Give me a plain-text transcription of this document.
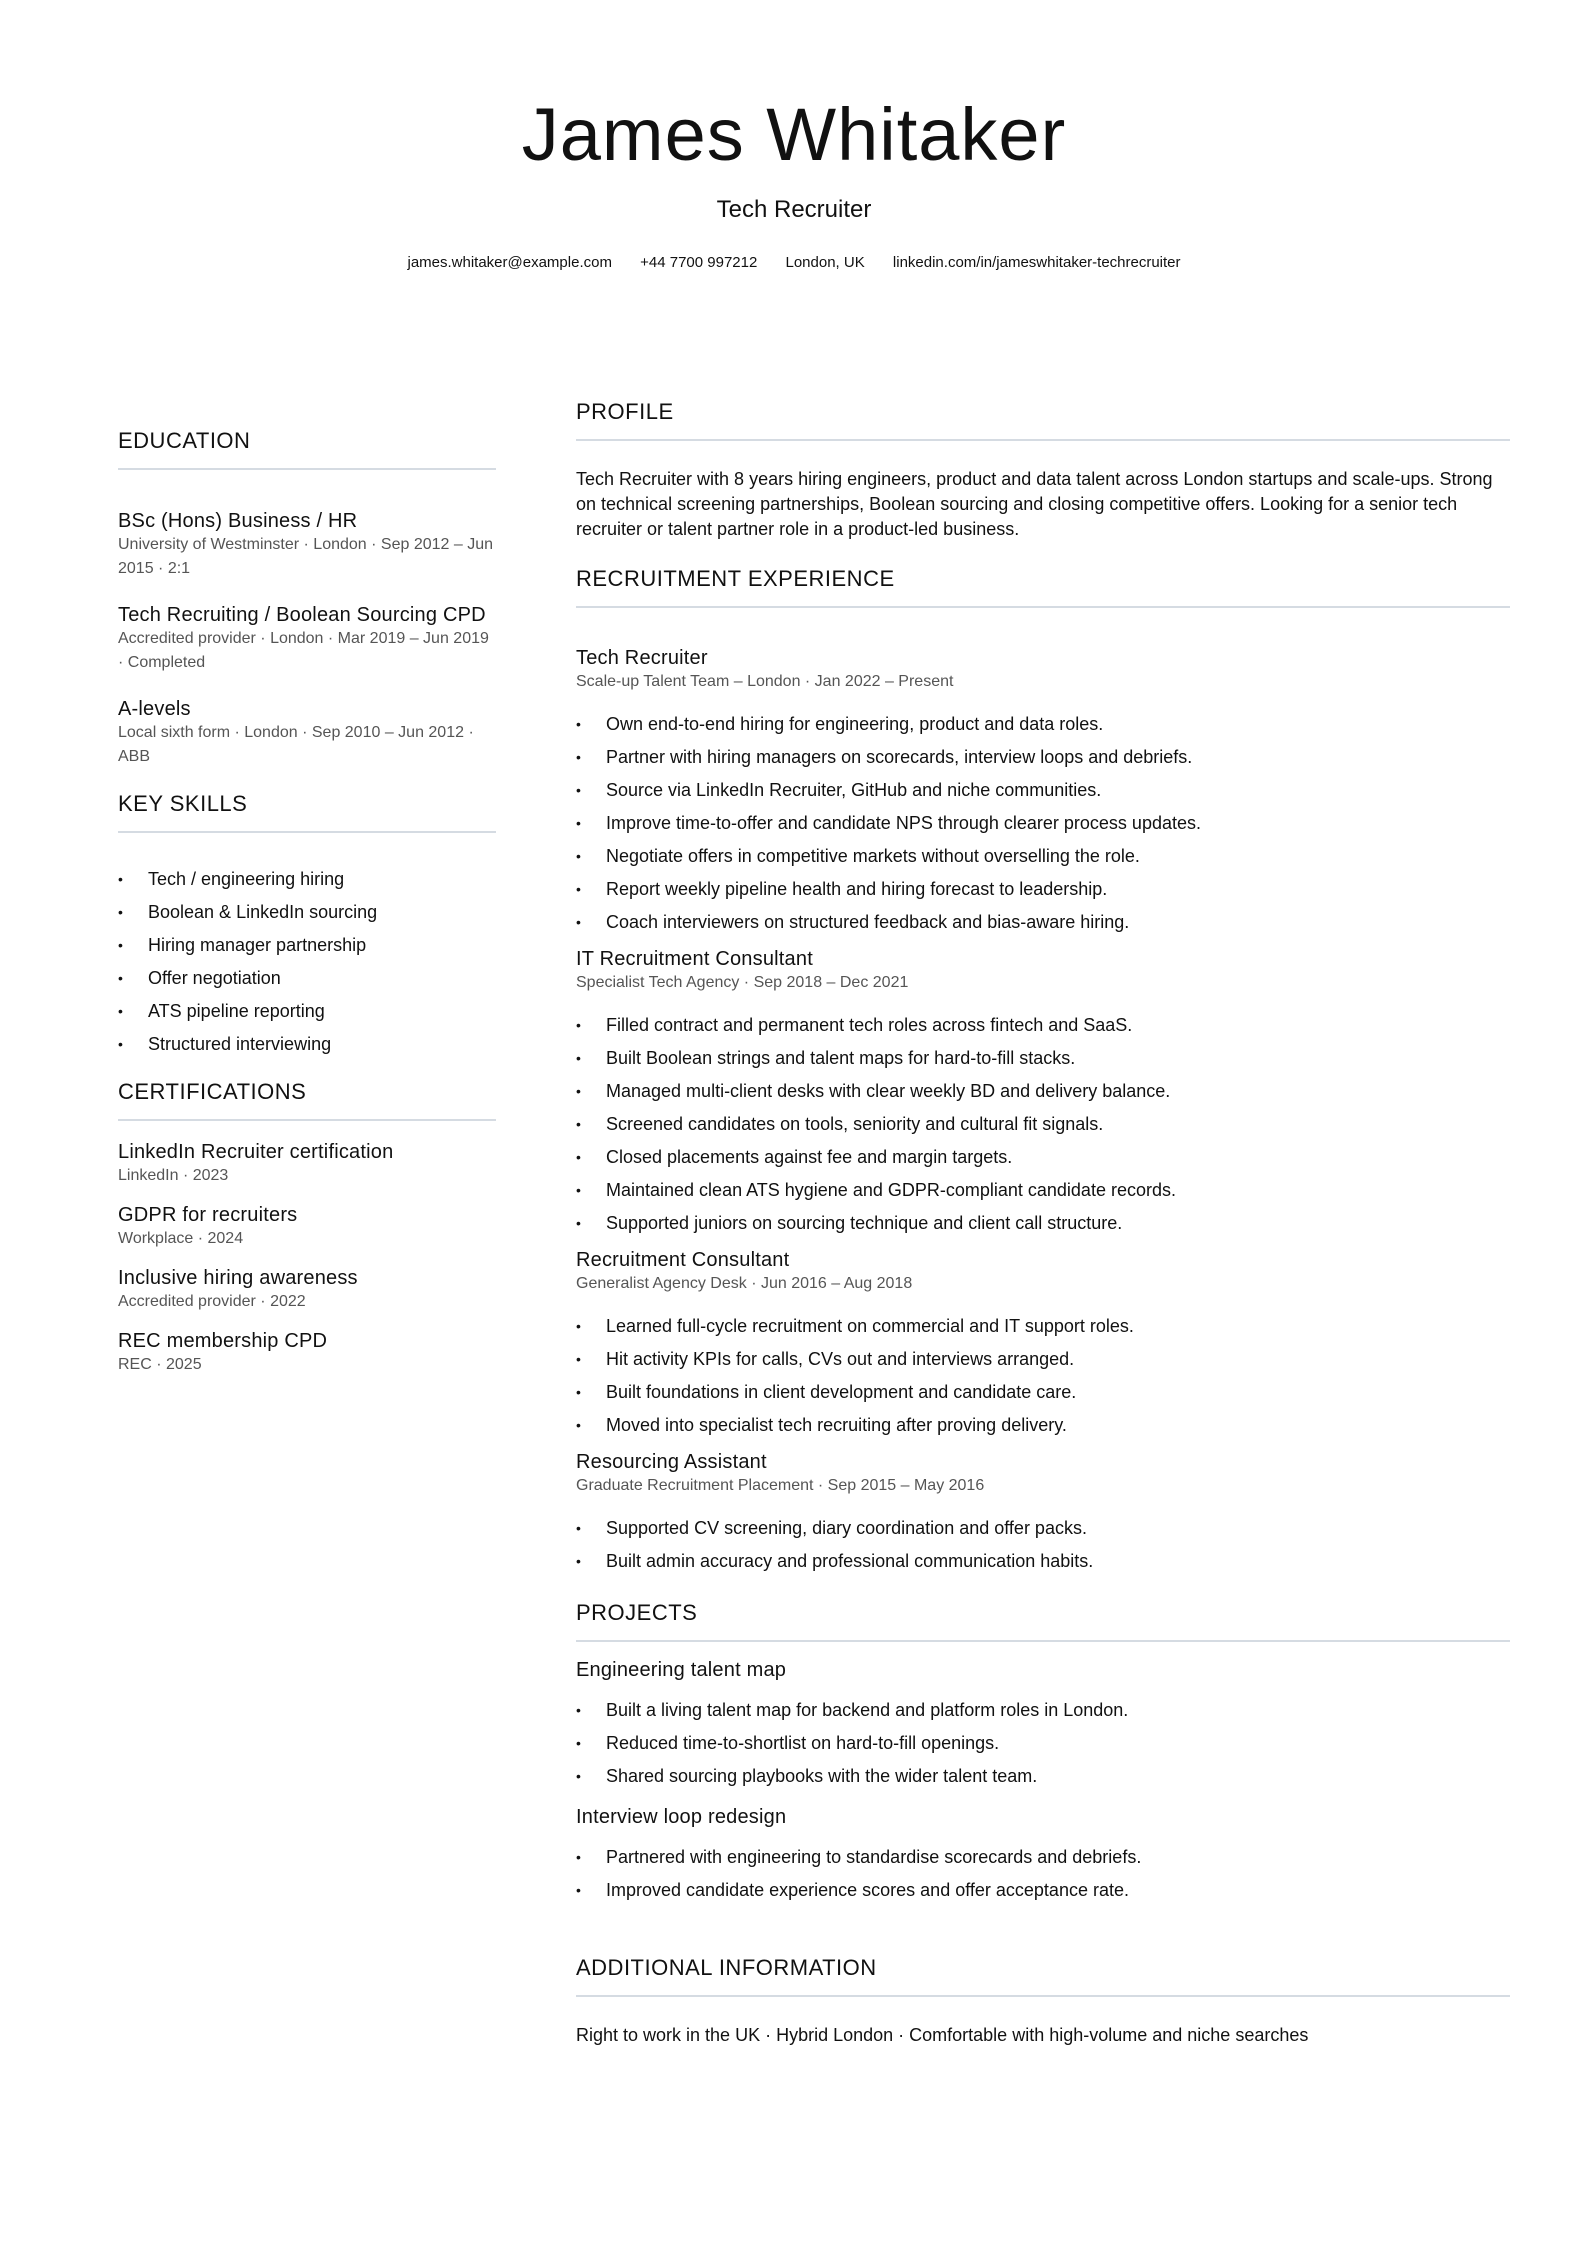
James Whitaker
Tech Recruiter
james.whitaker@example.com +44 7700 997212 London, UK linkedin.com/in/jameswhitaker-techrecruiter
EDUCATION
BSc (Hons) Business / HR
University of Westminster · London · Sep 2012 – Jun 2015 · 2:1
Tech Recruiting / Boolean Sourcing CPD
Accredited provider · London · Mar 2019 – Jun 2019 · Completed
A-levels
Local sixth form · London · Sep 2010 – Jun 2012 · ABB
KEY SKILLS
• Tech / engineering hiring
• Boolean & LinkedIn sourcing
• Hiring manager partnership
• Offer negotiation
• ATS pipeline reporting
• Structured interviewing
CERTIFICATIONS
LinkedIn Recruiter certification
LinkedIn · 2023
GDPR for recruiters
Workplace · 2024
Inclusive hiring awareness
Accredited provider · 2022
REC membership CPD
REC · 2025
PROFILE
Tech Recruiter with 8 years hiring engineers, product and data talent across London startups and scale-ups. Strong on technical screening partnerships, Boolean sourcing and closing competitive offers. Looking for a senior tech recruiter or talent partner role in a product-led business.
RECRUITMENT EXPERIENCE
Tech Recruiter
Scale-up Talent Team – London · Jan 2022 – Present
• Own end-to-end hiring for engineering, product and data roles.
• Partner with hiring managers on scorecards, interview loops and debriefs.
• Source via LinkedIn Recruiter, GitHub and niche communities.
• Improve time-to-offer and candidate NPS through clearer process updates.
• Negotiate offers in competitive markets without overselling the role.
• Report weekly pipeline health and hiring forecast to leadership.
• Coach interviewers on structured feedback and bias-aware hiring.
IT Recruitment Consultant
Specialist Tech Agency · Sep 2018 – Dec 2021
• Filled contract and permanent tech roles across fintech and SaaS.
• Built Boolean strings and talent maps for hard-to-fill stacks.
• Managed multi-client desks with clear weekly BD and delivery balance.
• Screened candidates on tools, seniority and cultural fit signals.
• Closed placements against fee and margin targets.
• Maintained clean ATS hygiene and GDPR-compliant candidate records.
• Supported juniors on sourcing technique and client call structure.
Recruitment Consultant
Generalist Agency Desk · Jun 2016 – Aug 2018
• Learned full-cycle recruitment on commercial and IT support roles.
• Hit activity KPIs for calls, CVs out and interviews arranged.
• Built foundations in client development and candidate care.
• Moved into specialist tech recruiting after proving delivery.
Resourcing Assistant
Graduate Recruitment Placement · Sep 2015 – May 2016
• Supported CV screening, diary coordination and offer packs.
• Built admin accuracy and professional communication habits.
PROJECTS
Engineering talent map
• Built a living talent map for backend and platform roles in London.
• Reduced time-to-shortlist on hard-to-fill openings.
• Shared sourcing playbooks with the wider talent team.
Interview loop redesign
• Partnered with engineering to standardise scorecards and debriefs.
• Improved candidate experience scores and offer acceptance rate.
ADDITIONAL INFORMATION
Right to work in the UK · Hybrid London · Comfortable with high-volume and niche searches
